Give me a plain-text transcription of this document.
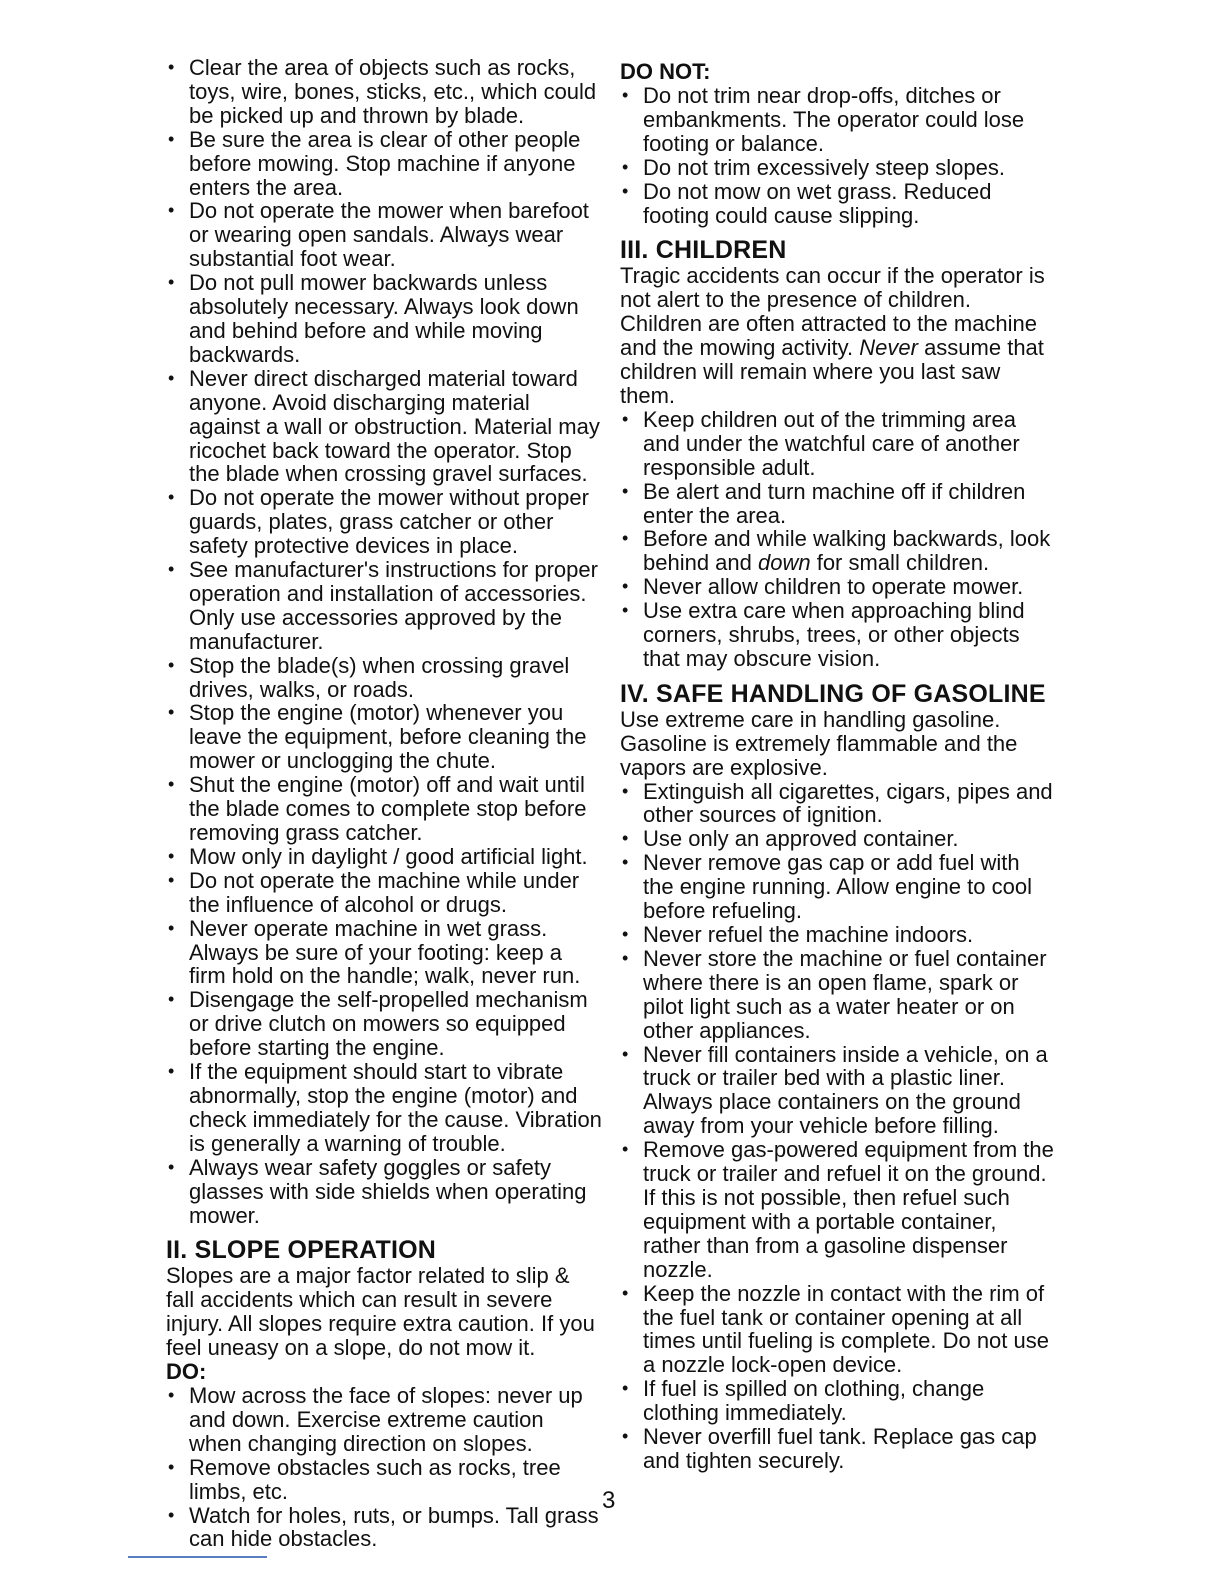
• Clear the area of objects such as rocks, toys, wire, bones, sticks, etc., which could be picked up and thrown by blade.
• Be sure the area is clear of other people before mowing. Stop machine if anyone enters the area.
• Do not operate the mower when barefoot or wearing open sandals. Always wear substantial foot wear.
• Do not pull mower backwards unless absolutely necessary. Always look down and behind before and while moving backwards.
• Never direct discharged material toward anyone. Avoid discharging material against a wall or obstruction. Material may ricochet back toward the operator. Stop the blade when crossing gravel surfaces.
• Do not operate the mower without proper guards, plates, grass catcher or other safety protective devices in place.
• See manufacturer's instructions for proper operation and installation of accessories. Only use accessories approved by the manufacturer.
• Stop the blade(s) when crossing gravel drives, walks, or roads.
• Stop the engine (motor) whenever you leave the equipment, before cleaning the mower or unclogging the chute.
• Shut the engine (motor) off and wait until the blade comes to complete stop before removing grass catcher.
• Mow only in daylight / good artificial light.
• Do not operate the machine while under the influence of alcohol or drugs.
• Never operate machine in wet grass. Always be sure of your footing: keep a firm hold on the handle; walk, never run.
• Disengage the self-propelled mechanism or drive clutch on mowers so equipped before starting the engine.
• If the equipment should start to vibrate abnormally, stop the engine (motor) and check immediately for the cause. Vibration is generally a warning of trouble.
• Always wear safety goggles or safety glasses with side shields when operating mower.
II. SLOPE OPERATION

Slopes are a major factor related to slip & fall accidents which can result in severe injury. All slopes require extra caution. If you feel uneasy on a slope, do not mow it.

DO:
• Mow across the face of slopes: never up and down. Exercise extreme caution when changing direction on slopes.
• Remove obstacles such as rocks, tree limbs, etc.
• Watch for holes, ruts, or bumps. Tall grass can hide obstacles.
DO NOT:
• Do not trim near drop-offs, ditches or embankments. The operator could lose footing or balance.
• Do not trim excessively steep slopes.
• Do not mow on wet grass. Reduced footing could cause slipping.
III. CHILDREN

Tragic accidents can occur if the operator is not alert to the presence of children. Children are often attracted to the machine and the mowing activity. Never assume that children will remain where you last saw them.

• Keep children out of the trimming area and under the watchful care of another responsible adult.
• Be alert and turn machine off if children enter the area.
• Before and while walking backwards, look behind and down for small children.
• Never allow children to operate mower.
• Use extra care when approaching blind corners, shrubs, trees, or other objects that may obscure vision.
IV. SAFE HANDLING OF GASOLINE

Use extreme care in handling gasoline. Gasoline is extremely flammable and the vapors are explosive.

• Extinguish all cigarettes, cigars, pipes and other sources of ignition.
• Use only an approved container.
• Never remove gas cap or add fuel with the engine running. Allow engine to cool before refueling.
• Never refuel the machine indoors.
• Never store the machine or fuel container where there is an open flame, spark or pilot light such as a water heater or on other appliances.
• Never fill containers inside a vehicle, on a truck or trailer bed with a plastic liner. Always place containers on the ground away from your vehicle before filling.
• Remove gas-powered equipment from the truck or trailer and refuel it on the ground. If this is not possible, then refuel such equipment with a portable container, rather than from a gasoline dispenser nozzle.
• Keep the nozzle in contact with the rim of the fuel tank or container opening at all times until fueling is complete. Do not use a nozzle lock-open device.
• If fuel is spilled on clothing, change clothing immediately.
• Never overfill fuel tank. Replace gas cap and tighten securely.
3
